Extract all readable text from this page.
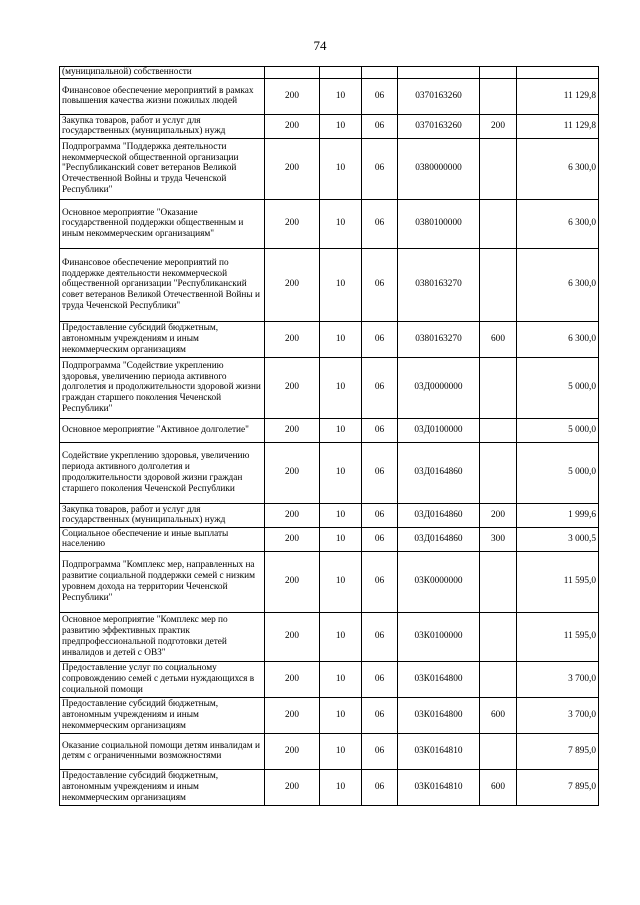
74
(муниципальной) собственности						
Финансовое обеспечение мероприятий в рамках повышения качества жизни пожилых людей	200	10	06	0370163260		11 129,8
Закупка товаров, работ и услуг для государственных (муниципальных) нужд	200	10	06	0370163260	200	11 129,8
Подпрограмма "Поддержка деятельности некоммерческой общественной организации "Республиканский совет ветеранов Великой Отечественной Войны и труда Чеченской Республики"	200	10	06	0380000000		6 300,0
Основное мероприятие "Оказание государственной поддержки общественным и иным некоммерческим организациям"	200	10	06	0380100000		6 300,0
Финансовое обеспечение мероприятий по поддержке деятельности некоммерческой общественной организации "Республиканский совет ветеранов Великой Отечественной Войны и труда Чеченской Республики"	200	10	06	0380163270		6 300,0
Предоставление субсидий бюджетным, автономным учреждениям и иным некоммерческим организациям	200	10	06	0380163270	600	6 300,0
Подпрограмма "Содействие укреплению здоровья, увеличению периода активного долголетия и продолжительности здоровой жизни граждан старшего поколения Чеченской Республики"	200	10	06	03Д0000000		5 000,0
Основное мероприятие "Активное долголетие"	200	10	06	03Д0100000		5 000,0
Содействие укреплению здоровья, увеличению периода активного долголетия и продолжительности здоровой жизни граждан старшего поколения Чеченской Республики	200	10	06	03Д0164860		5 000,0
Закупка товаров, работ и услуг для государственных (муниципальных) нужд	200	10	06	03Д0164860	200	1 999,6
Социальное обеспечение и иные выплаты населению	200	10	06	03Д0164860	300	3 000,5
Подпрограмма "Комплекс мер, направленных на развитие социальной поддержки семей с низким уровнем дохода на территории Чеченской Республики"	200	10	06	03К0000000		11 595,0
Основное мероприятие "Комплекс мер по развитию эффективных практик предпрофессиональной подготовки детей инвалидов и детей с ОВЗ"	200	10	06	03К0100000		11 595,0
Предоставление услуг по социальному сопровождению семей с детьми нуждающихся в социальной помощи	200	10	06	03К0164800		3 700,0
Предоставление субсидий бюджетным, автономным учреждениям и иным некоммерческим организациям	200	10	06	03К0164800	600	3 700,0
Оказание социальной помощи детям инвалидам и детям с ограниченными возможностями	200	10	06	03К0164810		7 895,0
Предоставление субсидий бюджетным, автономным учреждениям и иным некоммерческим организациям	200	10	06	03К0164810	600	7 895,0
